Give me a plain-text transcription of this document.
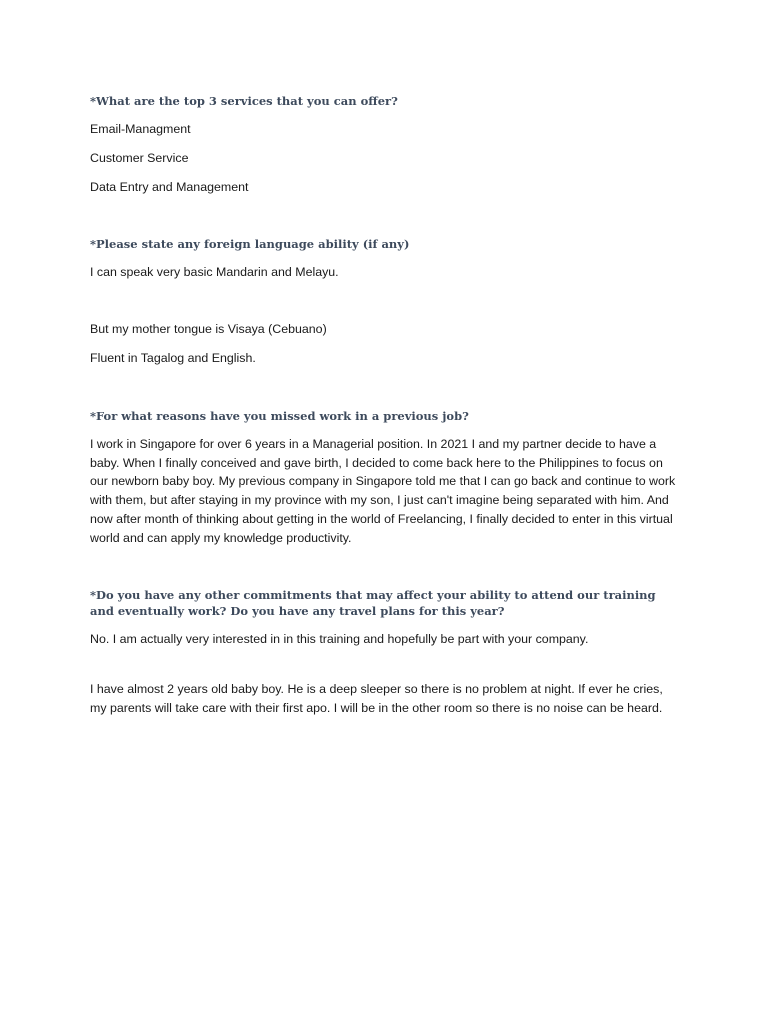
*What are the top 3 services that you can offer?

Email-Managment

Customer Service

Data Entry and Management

*Please state any foreign language ability (if any)

I can speak very basic Mandarin and Melayu.

But my mother tongue is Visaya (Cebuano)

Fluent in Tagalog and English.

*For what reasons have you missed work in a previous job?

I work in Singapore for over 6 years in a Managerial position. In 2021 I and my partner decide to have a baby. When I finally conceived and gave birth, I decided to come back here to the Philippines to focus on our newborn baby boy. My previous company in Singapore told me that I can go back and continue to work with them, but after staying in my province with my son, I just can't imagine being separated with him. And now after month of thinking about getting in the world of Freelancing, I finally decided to enter in this virtual world and can apply my knowledge productivity.

*Do you have any other commitments that may affect your ability to attend our training and eventually work? Do you have any travel plans for this year?

No. I am actually very interested in in this training and hopefully be part with your company.

I have almost 2 years old baby boy. He is a deep sleeper so there is no problem at night. If ever he cries, my parents will take care with their first apo. I will be in the other room so there is no noise can be heard.
